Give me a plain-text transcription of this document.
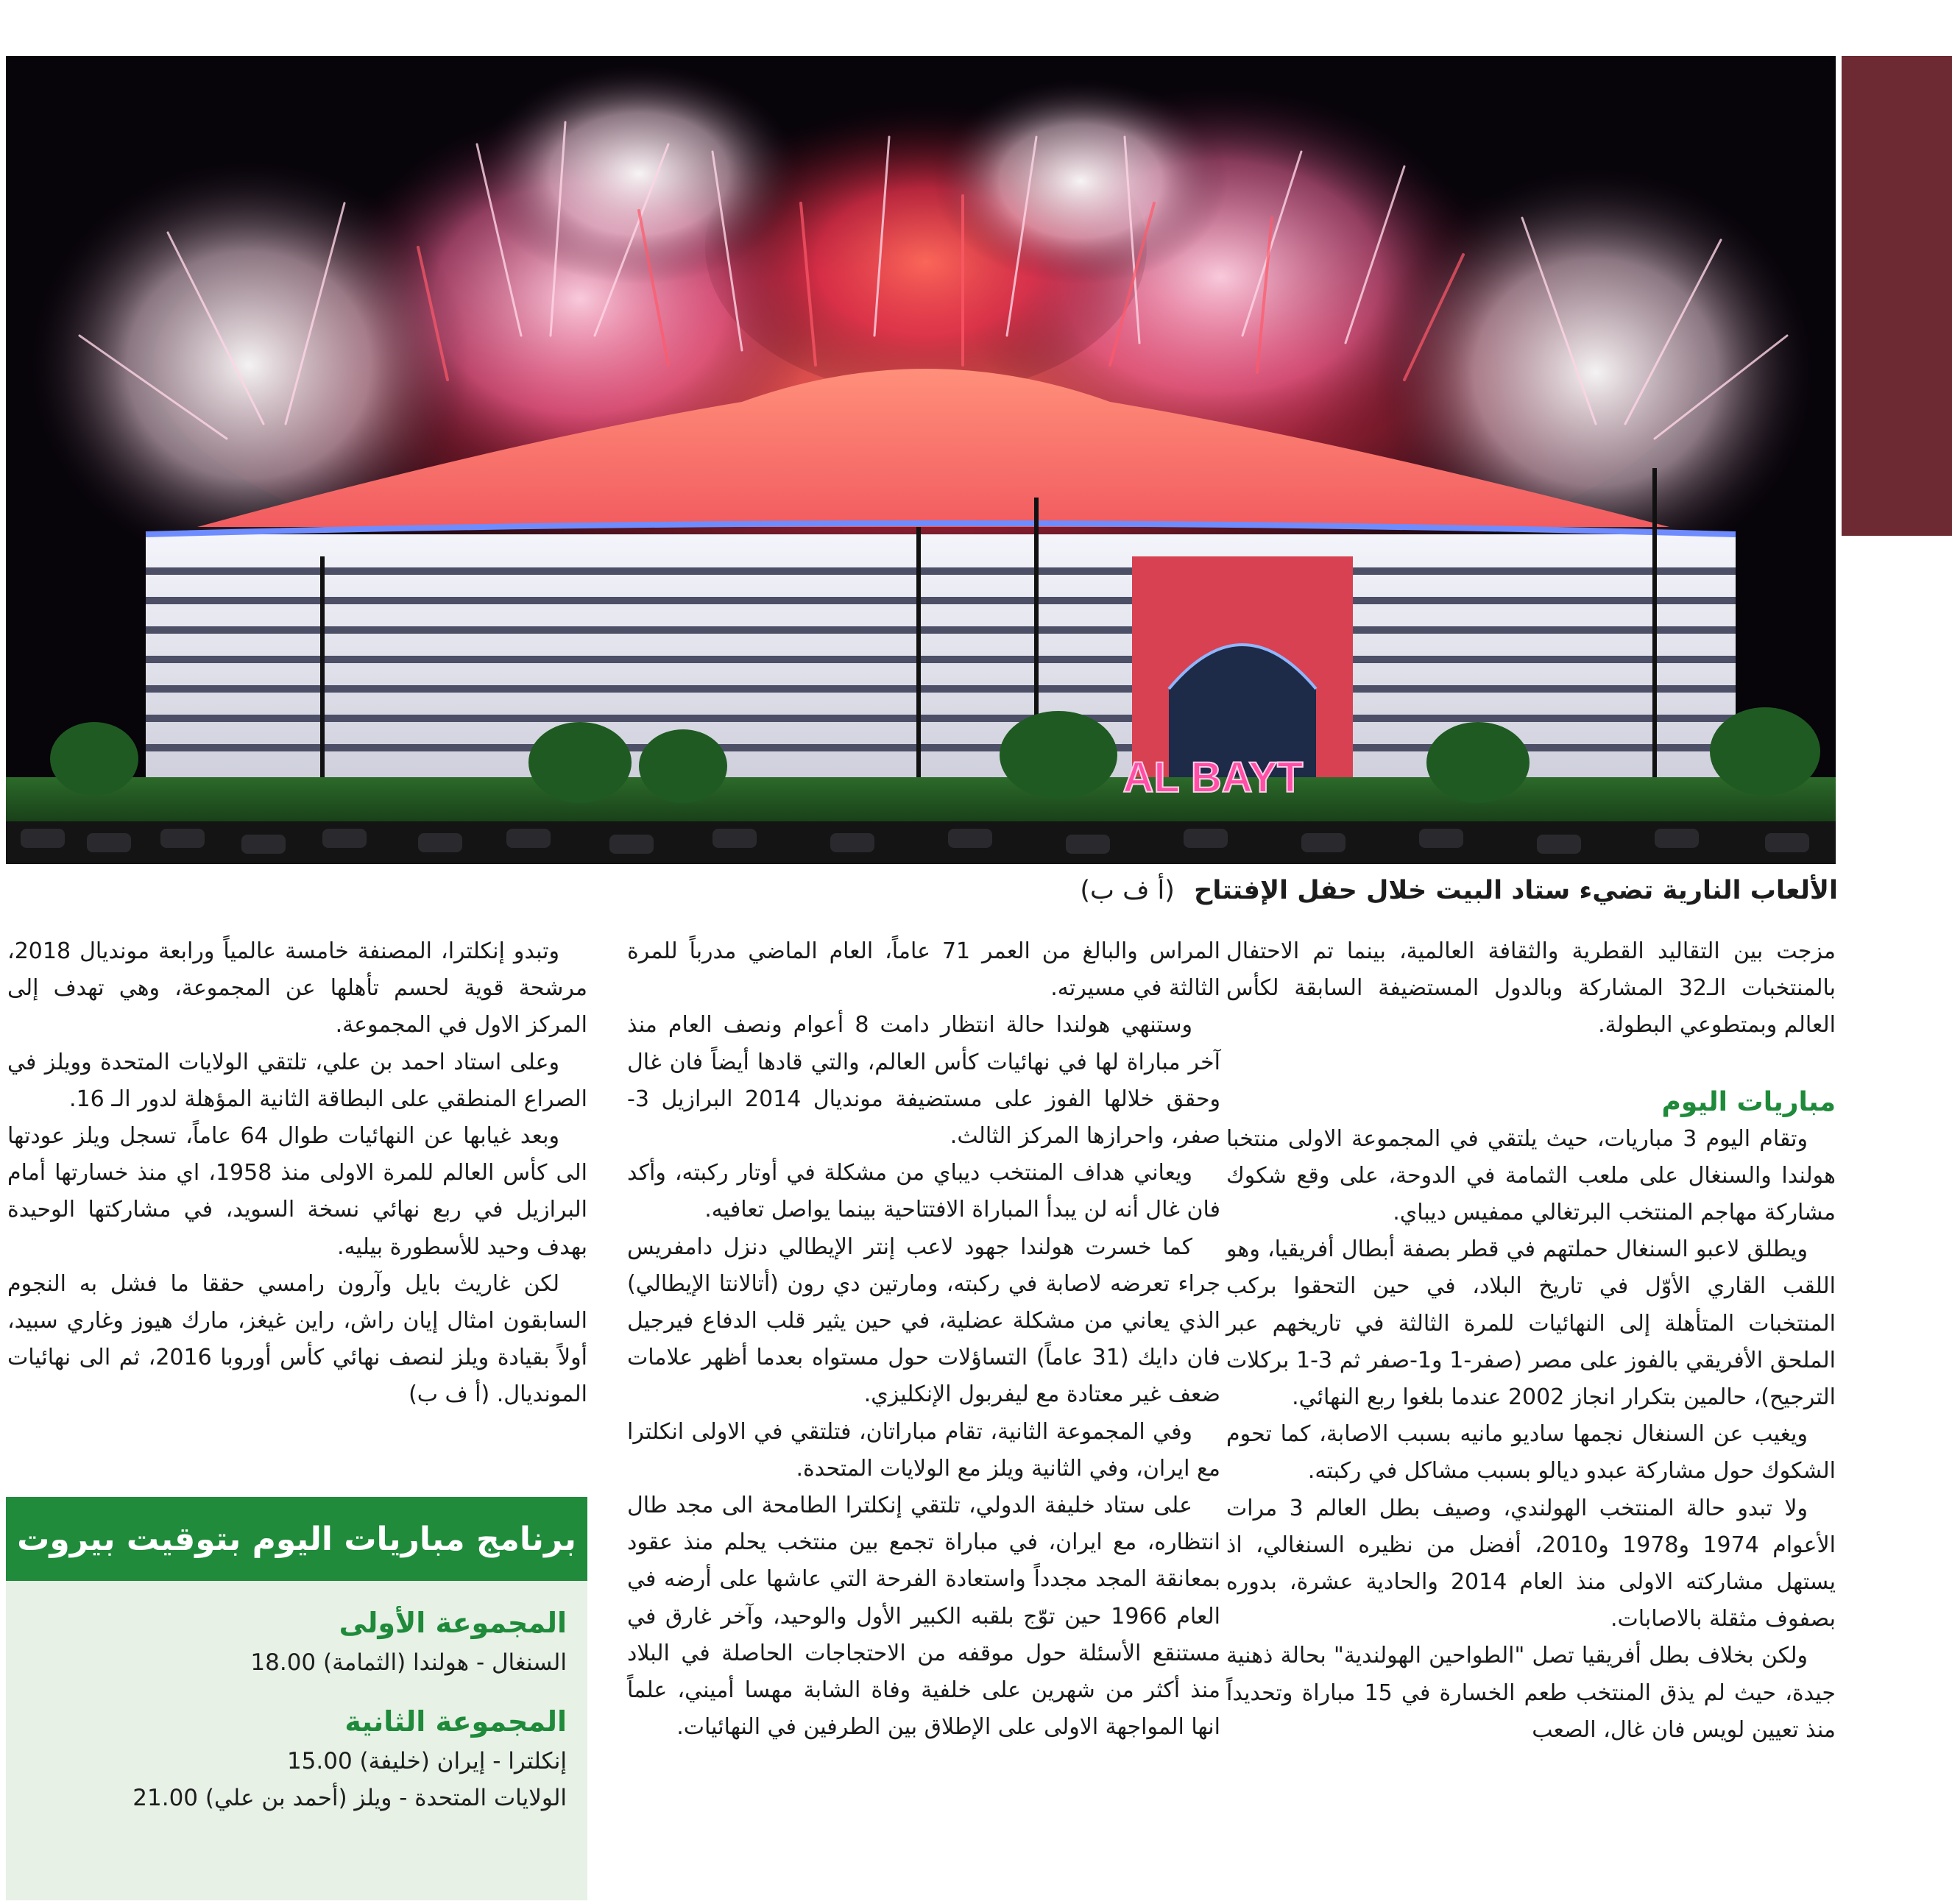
AL BAYT
الألعاب النارية تضيء ستاد البيت خلال حفل الإفتتاح (أ ف ب)

مزجت بين التقاليد القطرية والثقافة العالمية، بينما تم الاحتفال بالمنتخبات الـ32 المشاركة وبالدول المستضيفة السابقة لكأس العالم وبمتطوعي البطولة.

مباريات اليوم

وتقام اليوم 3 مباريات، حيث يلتقي في المجموعة الاولى منتخبا هولندا والسنغال على ملعب الثمامة في الدوحة، على وقع شكوك مشاركة مهاجم المنتخب البرتغالي ممفيس ديباي.

ويطلق لاعبو السنغال حملتهم في قطر بصفة أبطال أفريقيا، وهو اللقب القاري الأوّل في تاريخ البلاد، في حين التحقوا بركب المنتخبات المتأهلة إلى النهائيات للمرة الثالثة في تاريخهم عبر الملحق الأفريقي بالفوز على مصر (صفر-1 و1-صفر ثم 3-1 بركلات الترجيح)، حالمين بتكرار انجاز 2002 عندما بلغوا ربع النهائي.

ويغيب عن السنغال نجمها ساديو مانيه بسبب الاصابة، كما تحوم الشكوك حول مشاركة عبدو ديالو بسبب مشاكل في ركبته.

ولا تبدو حالة المنتخب الهولندي، وصيف بطل العالم 3 مرات الأعوام 1974 و1978 و2010، أفضل من نظيره السنغالي، اذ يستهل مشاركته الاولى منذ العام 2014 والحادية عشرة، بدوره بصفوف مثقلة بالاصابات.

ولكن بخلاف بطل أفريقيا تصل "الطواحين الهولندية" بحالة ذهنية جيدة، حيث لم يذق المنتخب طعم الخسارة في 15 مباراة وتحديداً منذ تعيين لويس فان غال، الصعب

المراس والبالغ من العمر 71 عاماً، العام الماضي مدرباً للمرة الثالثة في مسيرته.

وستنهي هولندا حالة انتظار دامت 8 أعوام ونصف العام منذ آخر مباراة لها في نهائيات كأس العالم، والتي قادها أيضاً فان غال وحقق خلالها الفوز على مستضيفة مونديال 2014 البرازيل 3-صفر، واحرازها المركز الثالث.

ويعاني هداف المنتخب ديباي من مشكلة في أوتار ركبته، وأكد فان غال أنه لن يبدأ المباراة الافتتاحية بينما يواصل تعافيه.

كما خسرت هولندا جهود لاعب إنتر الإيطالي دنزل دامفريس جراء تعرضه لاصابة في ركبته، ومارتين دي رون (أتالانتا الإيطالي) الذي يعاني من مشكلة عضلية، في حين يثير قلب الدفاع فيرجيل فان دايك (31 عاماً) التساؤلات حول مستواه بعدما أظهر علامات ضعف غير معتادة مع ليفربول الإنكليزي.

وفي المجموعة الثانية، تقام مباراتان، فتلتقي في الاولى انكلترا مع ايران، وفي الثانية ويلز مع الولايات المتحدة.

على ستاد خليفة الدولي، تلتقي إنكلترا الطامحة الى مجد طال انتظاره، مع ايران، في مباراة تجمع بين منتخب يحلم منذ عقود بمعانقة المجد مجدداً واستعادة الفرحة التي عاشها على أرضه في العام 1966 حين توّج بلقبه الكبير الأول والوحيد، وآخر غارق في مستنقع الأسئلة حول موقفه من الاحتجاجات الحاصلة في البلاد منذ أكثر من شهرين على خلفية وفاة الشابة مهسا أميني، علماً انها المواجهة الاولى على الإطلاق بين الطرفين في النهائيات.

وتبدو إنكلترا، المصنفة خامسة عالمياً ورابعة مونديال 2018، مرشحة قوية لحسم تأهلها عن المجموعة، وهي تهدف إلى المركز الاول في المجموعة.

وعلى استاد احمد بن علي، تلتقي الولايات المتحدة وويلز في الصراع المنطقي على البطاقة الثانية المؤهلة لدور الـ 16.

وبعد غيابها عن النهائيات طوال 64 عاماً، تسجل ويلز عودتها الى كأس العالم للمرة الاولى منذ 1958، اي منذ خسارتها أمام البرازيل في ربع نهائي نسخة السويد، في مشاركتها الوحيدة بهدف وحيد للأسطورة بيليه.

لكن غاريث بايل وآرون رامسي حققا ما فشل به النجوم السابقون امثال إيان راش، راين غيغز، مارك هيوز وغاري سبيد، أولاً بقيادة ويلز لنصف نهائي كأس أوروبا 2016، ثم الى نهائيات المونديال. (أ ف ب)

برنامج مباريات اليوم بتوقيت بيروت
المجموعة الأولى
السنغال - هولندا (الثمامة) 18.00
المجموعة الثانية
إنكلترا - إيران (خليفة) 15.00
الولايات المتحدة - ويلز (أحمد بن علي) 21.00
